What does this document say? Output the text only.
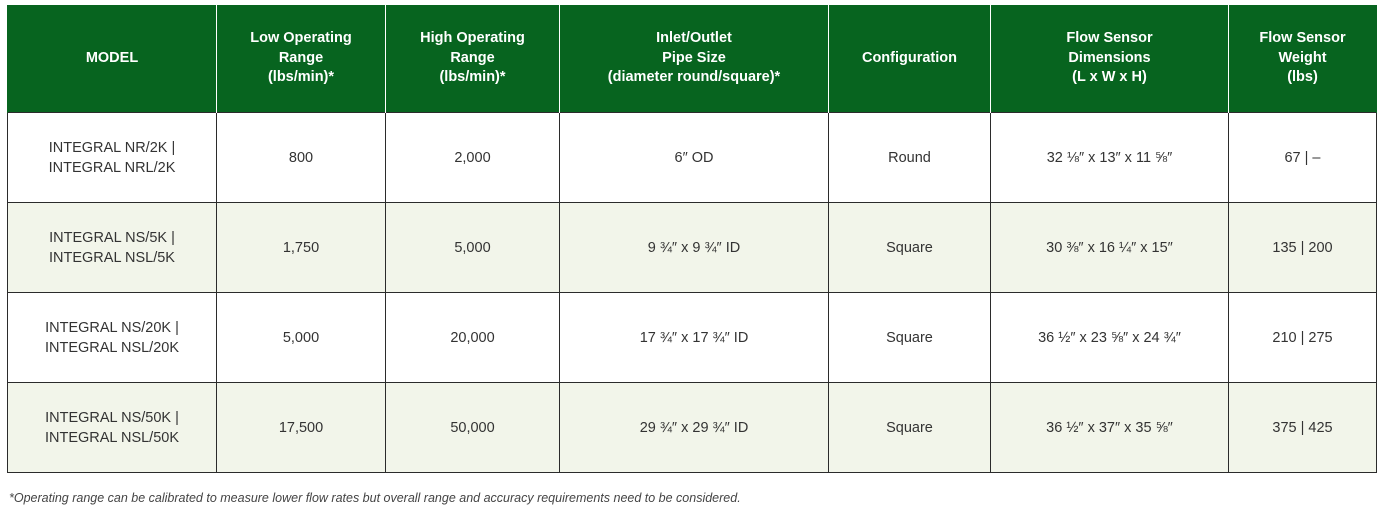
MODEL	Low Operating
Range
(lbs/min)*	High Operating
Range
(lbs/min)*	Inlet/Outlet
Pipe Size
(diameter round/square)*	Configuration	Flow Sensor
Dimensions
(L x W x H)	Flow Sensor
Weight
(lbs)

INTEGRAL NR/2K |
INTEGRAL NRL/2K	800	2,000	6″ OD	Round	32 ⅛″ x 13″ x 11 ⅝″	67 | –

INTEGRAL NS/5K |
INTEGRAL NSL/5K	1,750	5,000	9 ¾″ x 9 ¾″ ID	Square	30 ⅜″ x 16 ¼″ x 15″	135 | 200

INTEGRAL NS/20K |
INTEGRAL NSL/20K	5,000	20,000	17 ¾″ x 17 ¾″ ID	Square	36 ½″ x 23 ⅝″ x 24 ¾″	210 | 275

INTEGRAL NS/50K |
INTEGRAL NSL/50K	17,500	50,000	29 ¾″ x 29 ¾″ ID	Square	36 ½″ x 37″ x 35 ⅝″	375 | 425
*Operating range can be calibrated to measure lower flow rates but overall range and accuracy requirements need to be considered.
